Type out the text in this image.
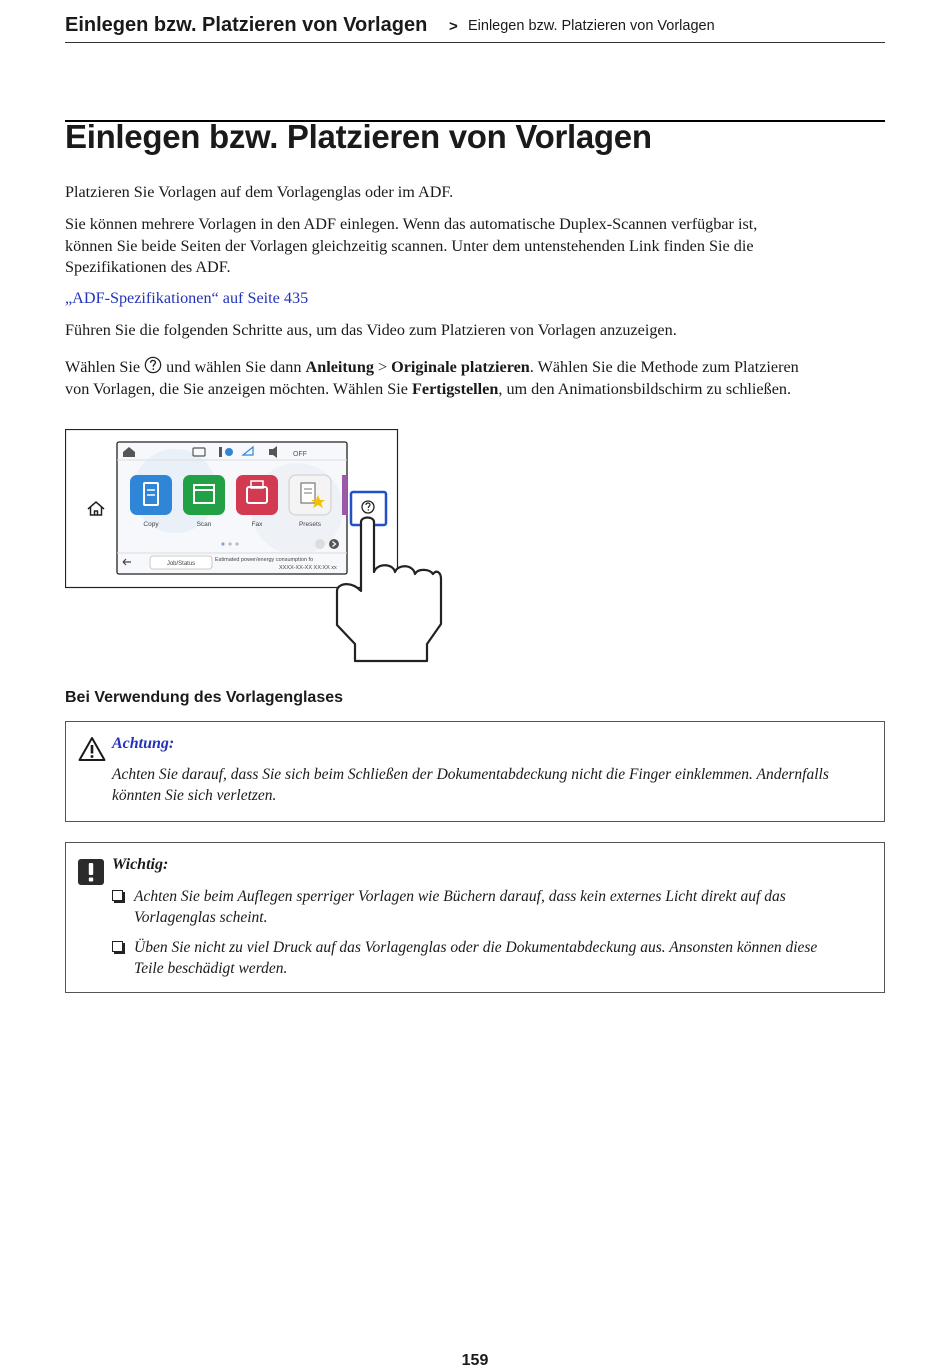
Einlegen bzw. Platzieren von Vorlagen > Einlegen bzw. Platzieren von Vorlagen
Einlegen bzw. Platzieren von Vorlagen

Platzieren Sie Vorlagen auf dem Vorlagenglas oder im ADF.

Sie können mehrere Vorlagen in den ADF einlegen. Wenn das automatische Duplex-Scannen verfügbar ist,
können Sie beide Seiten der Vorlagen gleichzeitig scannen. Unter dem untenstehenden Link finden Sie die
Spezifikationen des ADF.

„ADF-Spezifikationen“ auf Seite 435

Führen Sie die folgenden Schritte aus, um das Video zum Platzieren von Vorlagen anzuzeigen.

Wählen Sie  und wählen Sie dann Anleitung > Originale platzieren. Wählen Sie die Methode zum Platzieren
von Vorlagen, die Sie anzeigen möchten. Wählen Sie Fertigstellen, um den Animationsbildschirm zu schließen.

OFF
Copy	Scan	Fax	Presets
Job/Status
Estimated power/energy consumption fo
XXXX-XX-XX XX:XX xx
Bei Verwendung des Vorlagenglases
Achtung:

Achten Sie darauf, dass Sie sich beim Schließen der Dokumentabdeckung nicht die Finger einklemmen. Andernfalls
könnten Sie sich verletzen.

Wichtig:

Achten Sie beim Auflegen sperriger Vorlagen wie Büchern darauf, dass kein externes Licht direkt auf das
Vorlagenglas scheint.

Üben Sie nicht zu viel Druck auf das Vorlagenglas oder die Dokumentabdeckung aus. Ansonsten können diese
Teile beschädigt werden.

159
